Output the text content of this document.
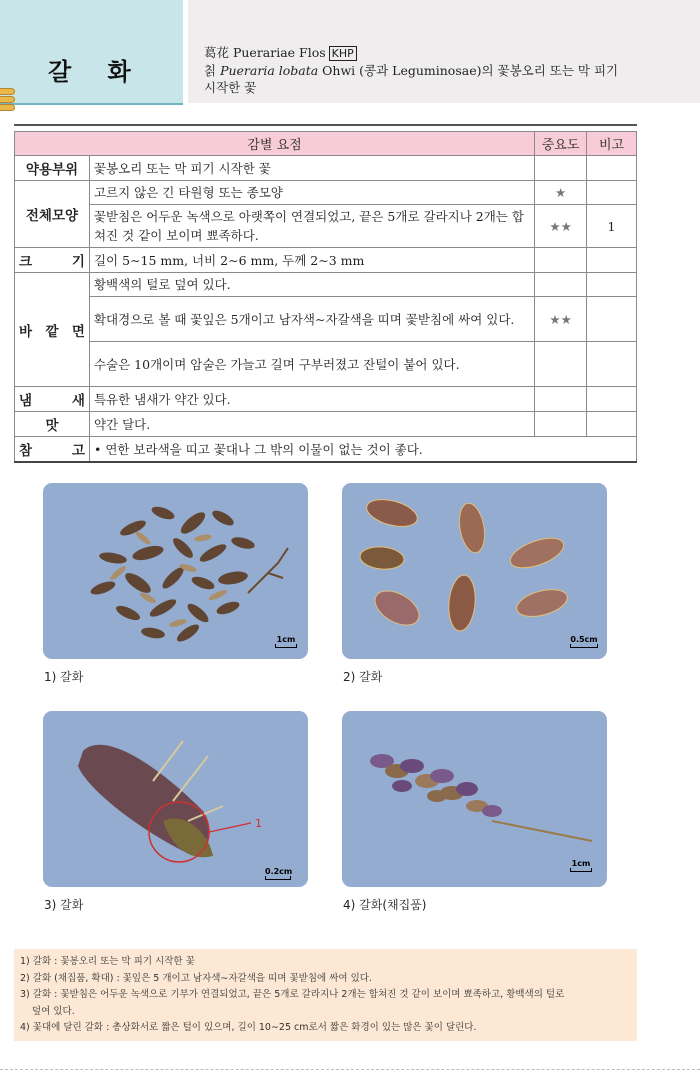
갈 화
葛花 Puerariae Flos KHP
칡 Pueraria lobata Ohwi (콩과 Leguminosae)의 꽃봉오리 또는 막 피기
시작한 꽃
감별 요점		중요도	비고
약용부위	꽃봉오리 또는 막 피기 시작한 꽃		
전체모양	고르지 않은 긴 타원형 또는 종모양	★	
	꽃받침은 어두운 녹색으로 아랫쪽이 연결되었고, 끝은 5개로 갈라지나 2개는 합쳐진 것 같이 보이며 뾰족하다.	★★	1

크 기	길이 5∼15 mm, 너비 2∼6 mm, 두께 2∼3 mm		

바 깥 면	황백색의 털로 덮여 있다.		
	확대경으로 볼 때 꽃잎은 5개이고 남자색∼자갈색을 띠며 꽃받침에 싸여 있다.	★★	
	수술은 10개이며 암술은 가늘고 길며 구부러졌고 잔털이 붙어 있다.		

냄 새	특유한 냄새가 약간 있다.		
맛	약간 달다.		

참 고	• 연한 보라색을 띠고 꽃대나 그 밖의 이물이 없는 것이 좋다.		
1cm
1) 갈화
0.5cm
2) 갈화
1
0.2cm
3) 갈화
1cm
4) 갈화(채집품)
1) 갈화 : 꽃봉오리 또는 막 피기 시작한 꽃
2) 갈화 (채집품, 확대) : 꽃잎은 5 개이고 남자색∼자갈색을 띠며 꽃받침에 싸여 있다.
3) 갈화 : 꽃받침은 어두운 녹색으로 기부가 연결되었고, 끝은 5개로 갈라지나 2개는 합쳐진 것 같이 보이며 뾰족하고, 황백색의 털로
덮여 있다.
4) 꽃대에 달린 갈화 : 총상화서로 짧은 털이 있으며, 길이 10∼25 cm로서 짧은 화경이 있는 많은 꽃이 달린다.
